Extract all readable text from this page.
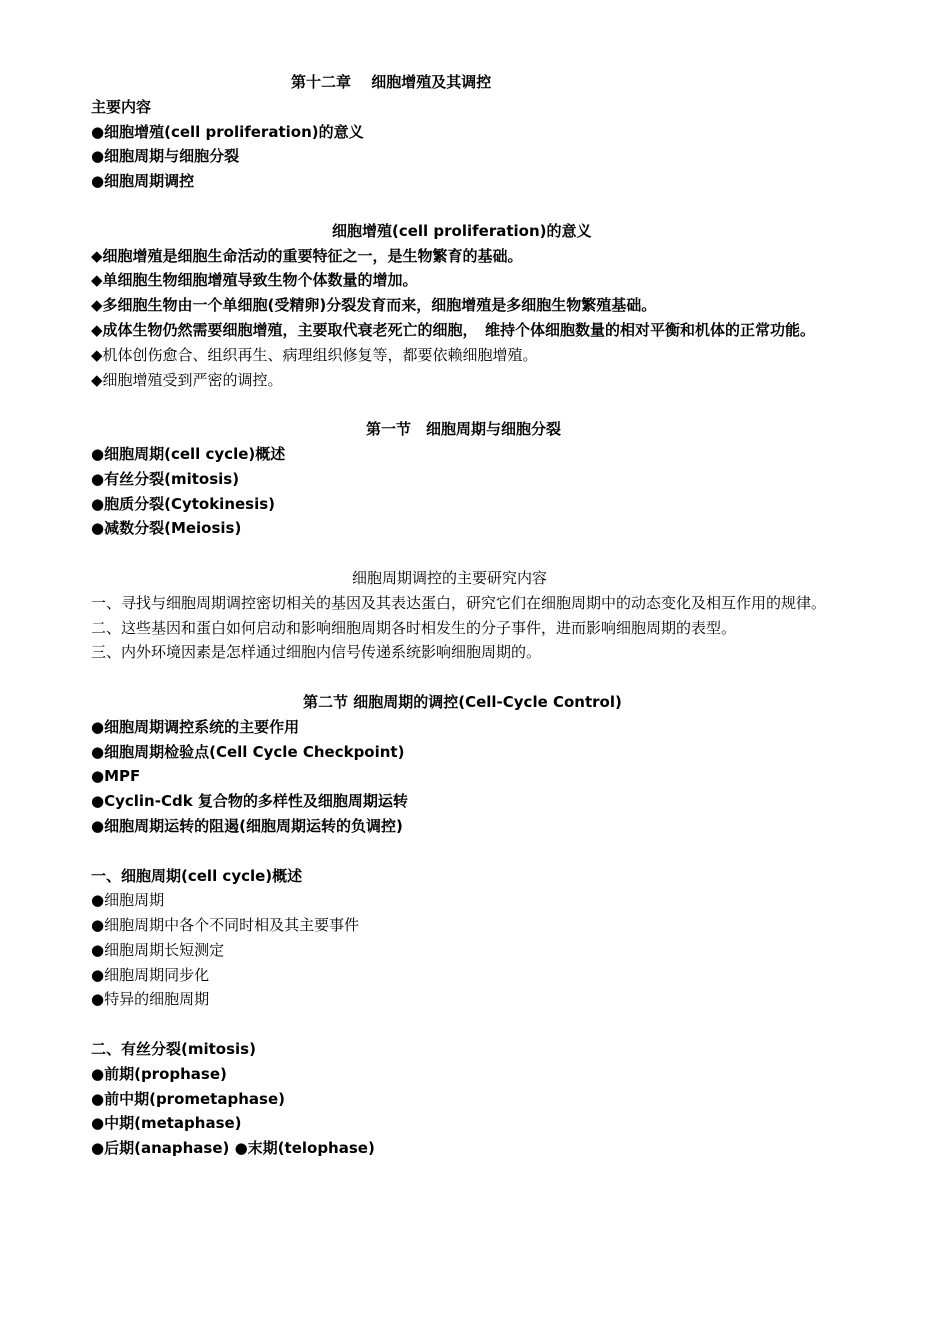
第十二章　 细胞增殖及其调控
主要内容
●细胞增殖(cell proliferation)的意义
●细胞周期与细胞分裂
●细胞周期调控
细胞增殖(cell proliferation)的意义
◆细胞增殖是细胞生命活动的重要特征之一，是生物繁育的基础。
◆单细胞生物细胞增殖导致生物个体数量的增加。
◆多细胞生物由一个单细胞(受精卵)分裂发育而来，细胞增殖是多细胞生物繁殖基础。
◆成体生物仍然需要细胞增殖，主要取代衰老死亡的细胞，　维持个体细胞数量的相对平衡和机体的正常功能。
◆机体创伤愈合、组织再生、病理组织修复等，都要依赖细胞增殖。
◆细胞增殖受到严密的调控。
第一节　细胞周期与细胞分裂
●细胞周期(cell cycle)概述
●有丝分裂(mitosis)
●胞质分裂(Cytokinesis)
●减数分裂(Meiosis)
细胞周期调控的主要研究内容
一、寻找与细胞周期调控密切相关的基因及其表达蛋白，研究它们在细胞周期中的动态变化及相互作用的规律。
二、这些基因和蛋白如何启动和影响细胞周期各时相发生的分子事件，进而影响细胞周期的表型。
三、内外环境因素是怎样通过细胞内信号传递系统影响细胞周期的。
第二节 细胞周期的调控(Cell-Cycle Control)
●细胞周期调控系统的主要作用
●细胞周期检验点(Cell Cycle Checkpoint)
●MPF
●Cyclin-Cdk 复合物的多样性及细胞周期运转
●细胞周期运转的阻遏(细胞周期运转的负调控)
一、细胞周期(cell cycle)概述
●细胞周期
●细胞周期中各个不同时相及其主要事件
●细胞周期长短测定
●细胞周期同步化
●特异的细胞周期
二、有丝分裂(mitosis)
●前期(prophase)
●前中期(prometaphase)
●中期(metaphase)
●后期(anaphase) ●末期(telophase)
